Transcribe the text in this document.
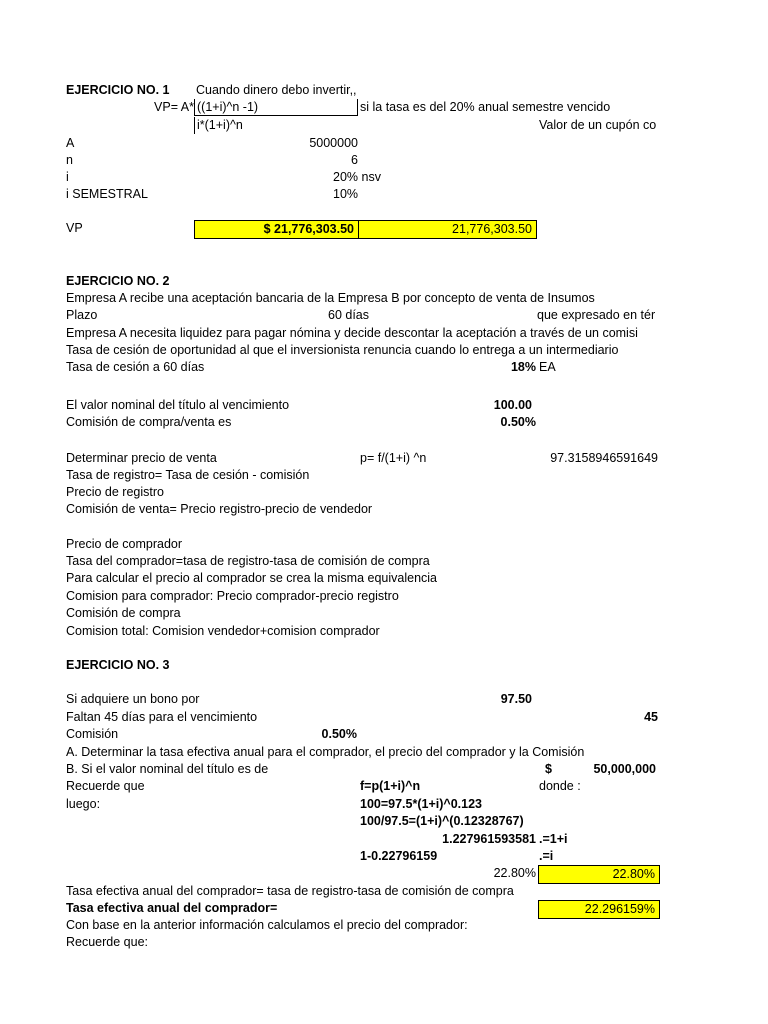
EJERCICIO NO. 1 Cuando dinero debo invertir,,
VP= A* ((1+i)^n -1)	si la tasa es del 20% anual semestre vencido
i*(1+i)^n	Valor de un cupón co
A	5000000
n	6
i	20% nsv
i SEMESTRAL	10%
VP	$ 21,776,303.50	21,776,303.50
EJERCICIO NO. 2
Empresa A recibe una aceptación bancaria de la Empresa B por concepto de venta de Insumos
Plazo	60 días	que expresado en tér
Empresa A necesita liquidez para pagar nómina y decide descontar la aceptación a través de un comisi
Tasa de cesión de oportunidad al que el inversionista renuncia cuando lo entrega a un intermediario
Tasa de cesión a 60 días	18% EA
El valor nominal del título al vencimiento	100.00
Comisión de compra/venta es	0.50%
Determinar precio de venta	p= f/(1+i) ^n	97.3158946591649
Tasa de registro= Tasa de cesión - comisión
Precio de registro
Comisión de venta= Precio registro-precio de vendedor
Precio de comprador
Tasa del comprador=tasa de registro-tasa de comisión de compra
Para calcular el precio al comprador se crea la misma equivalencia
Comision para comprador: Precio comprador-precio registro
Comisión de compra
Comision total: Comision vendedor+comision comprador
EJERCICIO NO. 3
Si adquiere un bono por	97.50
Faltan 45 días para el vencimiento	45
Comisión	0.50%
A. Determinar la tasa efectiva anual para el comprador, el precio del comprador y la Comisión
B. Si el valor nominal del título es de	$	50,000,000
Recuerde que	f=p(1+i)^n	donde :
luego:	100=97.5*(1+i)^0.123
100/97.5=(1+i)^(0.12328767)
1.227961593581 .=1+i
1-0.22796159	.=i
22.80%	22.80%
Tasa efectiva anual del comprador= tasa de registro-tasa de comisión de compra
Tasa efectiva anual del comprador=	22.296159%
Con base en la anterior información calculamos el precio del comprador:
Recuerde que:
